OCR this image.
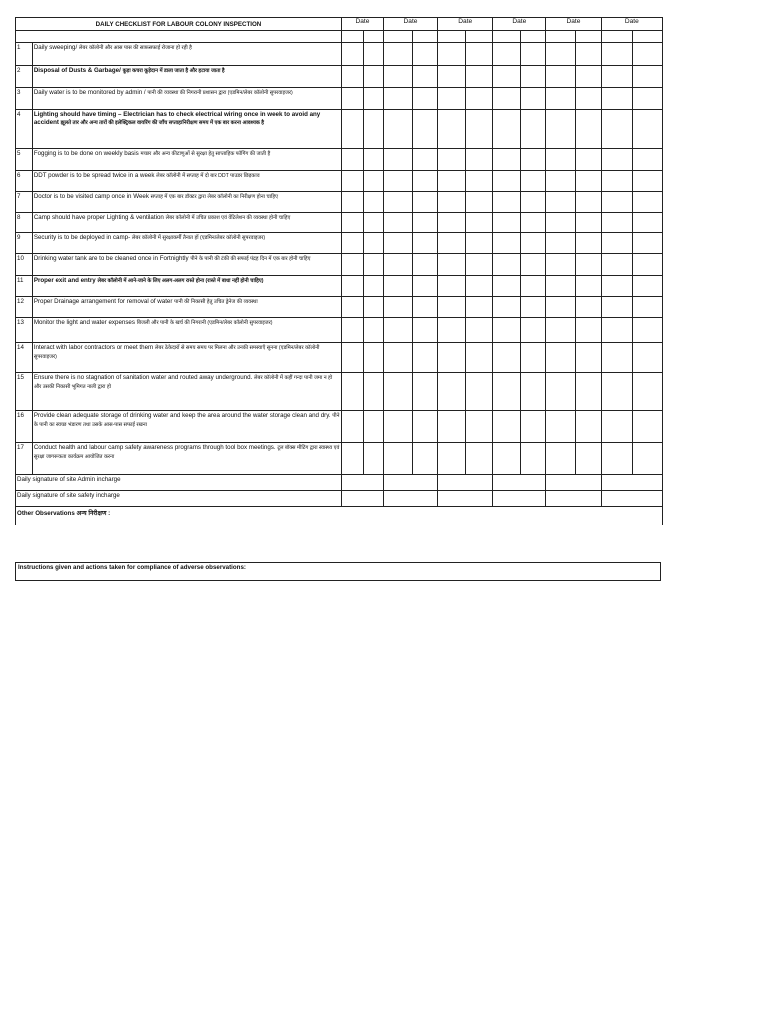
DAILY CHECKLIST FOR LABOUR COLONY INSPECTION		Date		Date		Date		Date		Date		Date	

1	Daily sweeping/ लेबर कॉलोनी और आस पास की साफ़सफ़ाई रोजाना हो रही है												
2	Disposal of Dusts & Garbage/ कूड़ा कचरा कूड़ेदान में डाला जाता है और हटाया जाता है												
3	Daily water is to be monitored by admin / पानी की व्यवस्था की निगरानी प्रशासन द्वारा (एडमिन/लेबर कॉलोनी सुपरवाइजर)												
4	Lighting should have timing – Electrician has to check electrical wiring once in week to avoid any accident झूलते तार और अन्य तारों की इलेक्ट्रिकल वायरिंग की जाँच सप्ताह/निरीक्षण समय में एक बार करना आवश्यक है												
5	Fogging is to be done on weekly basis मच्छर और अन्य कीटाणुओं से सुरक्षा हेतु साप्ताहिक फॉगिंग की जाती है												
6	DDT powder is to be spread twice in a week लेबर कॉलोनी में सप्ताह में दो बार DDT पाउडर छिड़काव												
7	Doctor is to be visited camp once in Week सप्ताह में एक बार डॉक्टर द्वारा लेबर कॉलोनी का निरीक्षण होना चाहिए												
8	Camp should have proper Lighting & ventilation लेबर कॉलोनी में उचित प्रकाश एवं वेंटिलेशन की व्यवस्था होनी चाहिए												
9	Security is to be deployed in camp- लेबर कॉलोनी में सुरक्षाकर्मी तैनात हों (एडमिन/लेबर कॉलोनी सुपरवाइजर)												
10	Drinking water tank are to be cleaned once in Fortnightly पीने के पानी की टंकी की सफाई पंद्रह दिन में एक बार होनी चाहिए												
11	Proper exit and entry लेबर कॉलोनी में आने-जाने के लिए अलग-अलग रास्ते होना (रास्ते में बाधा नहीं होनी चाहिए)												
12	Proper Drainage arrangement for removal of water पानी की निकासी हेतु उचित ड्रेनेज की व्यवस्था												
13	Monitor the light and water expenses बिजली और पानी के खर्च की निगरानी (एडमिन/लेबर कॉलोनी सुपरवाइजर)												
14	Interact with labor contractors or meet them लेबर ठेकेदारों से समय समय पर मिलना और उनकी समस्याएँ सुनना (एडमिन/लेबर कॉलोनी सुपरवाइजर)												
15	Ensure there is no stagnation of sanitation water and routed away underground. लेबर कॉलोनी में कहीं गन्दा पानी जमा न हो और उसकी निकासी भूमिगत नाली द्वारा हो												
16	Provide clean adequate storage of drinking water and keep the area around the water storage clean and dry. पीने के पानी का स्वच्छ भंडारण तथा उसके आस-पास सफाई रखना												
17	Conduct health and labour camp safety awareness programs through tool box meetings. टूल बॉक्स मीटिंग द्वारा स्वास्थ्य एवं सुरक्षा जागरूकता कार्यक्रम आयोजित करना												
Daily signature of site Admin incharge													
Daily signature of site safety incharge													
Other Observations अन्य निरीक्षण :													
Instructions given and actions taken for compliance of adverse observations:
